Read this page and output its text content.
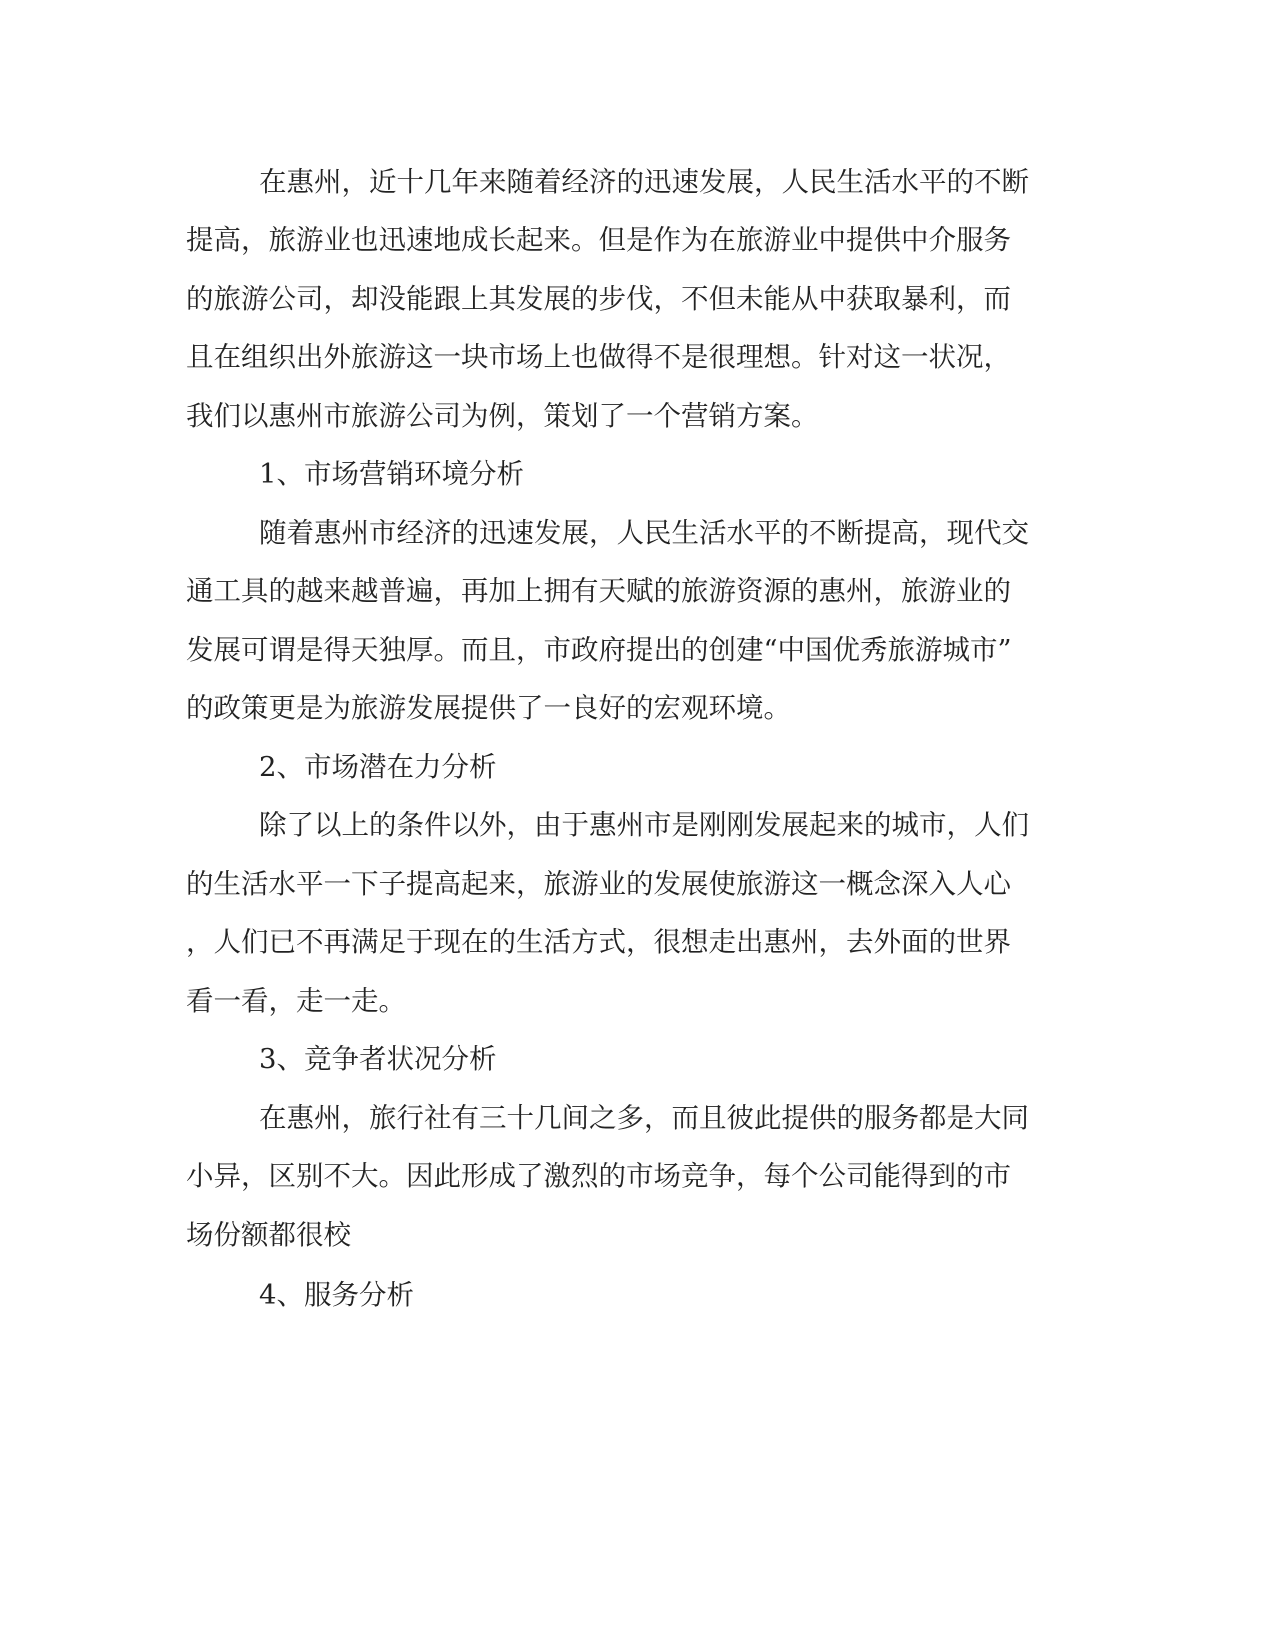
在惠州，近十几年来随着经济的迅速发展，人民生活水平的不断

提高，旅游业也迅速地成长起来。但是作为在旅游业中提供中介服务

的旅游公司，却没能跟上其发展的步伐，不但未能从中获取暴利，而

且在组织出外旅游这一块市场上也做得不是很理想。针对这一状况，

我们以惠州市旅游公司为例，策划了一个营销方案。

1、市场营销环境分析

随着惠州市经济的迅速发展，人民生活水平的不断提高，现代交

通工具的越来越普遍，再加上拥有天赋的旅游资源的惠州，旅游业的

发展可谓是得天独厚。而且，市政府提出的创建“中国优秀旅游城市”

的政策更是为旅游发展提供了一良好的宏观环境。

2、市场潜在力分析

除了以上的条件以外，由于惠州市是刚刚发展起来的城市，人们

的生活水平一下子提高起来，旅游业的发展使旅游这一概念深入人心

，人们已不再满足于现在的生活方式，很想走出惠州，去外面的世界

看一看，走一走。

3、竞争者状况分析

在惠州，旅行社有三十几间之多，而且彼此提供的服务都是大同

小异，区别不大。因此形成了激烈的市场竞争，每个公司能得到的市

场份额都很校

4、服务分析
